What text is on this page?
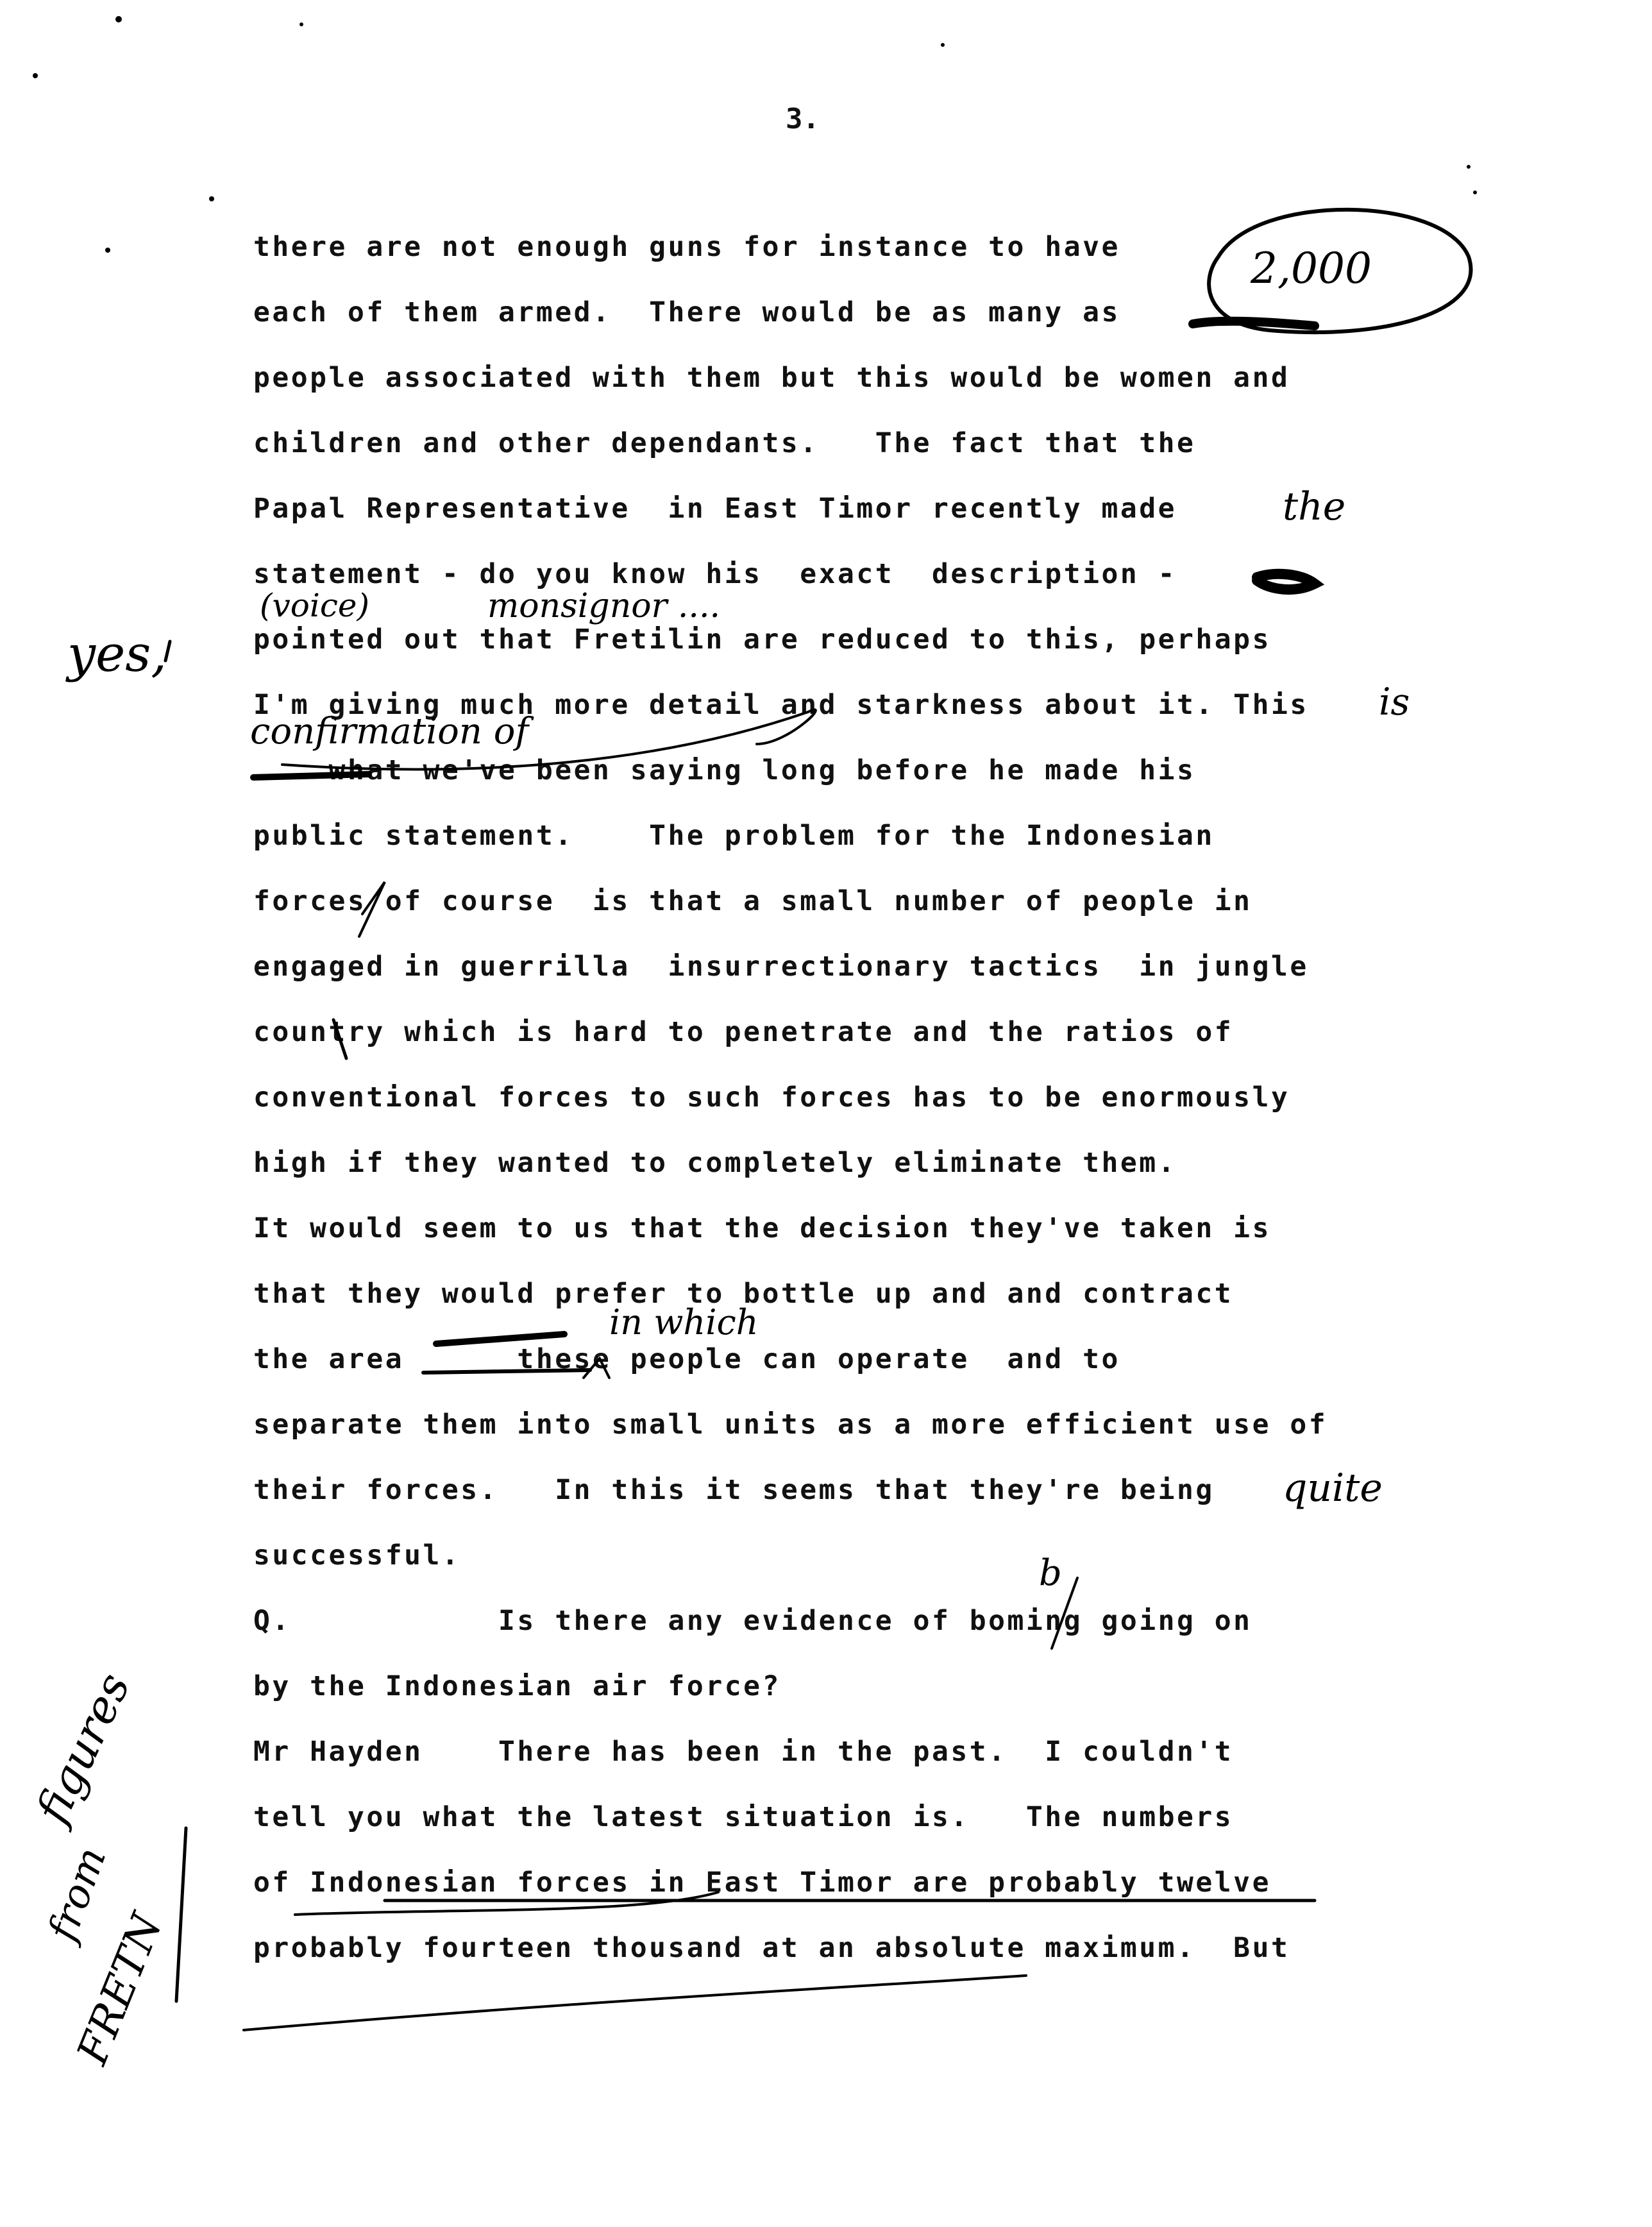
3.
there are not enough guns for instance to have
each of them armed.  There would be as many as
people associated with them but this would be women and
children and other dependants.   The fact that the
Papal Representative  in East Timor recently made
statement - do you know his  exact  description -
pointed out that Fretilin are reduced to this, perhaps
I'm giving much more detail and starkness about it. This
what we've been saying long before he made his
public statement.    The problem for the Indonesian
forces of course  is that a small number of people in
engaged in guerrilla  insurrectionary tactics  in jungle
country which is hard to penetrate and the ratios of
conventional forces to such forces has to be enormously
high if they wanted to completely eliminate them.
It would seem to us that the decision they've taken is
that they would prefer to bottle up and and contract
the area      these people can operate  and to
separate them into small units as a more efficient use of
their forces.   In this it seems that they're being
successful.
Q.           Is there any evidence of boming going on
by the Indonesian air force?
Mr Hayden    There has been in the past.  I couldn't
tell you what the latest situation is.   The numbers
of Indonesian forces in East Timor are probably twelve
probably fourteen thousand at an absolute maximum.  But
2,000
the
(voice)	monsignor ....
yes,
confirmation of
is
in which
quite
b
figures
from
FRETN
